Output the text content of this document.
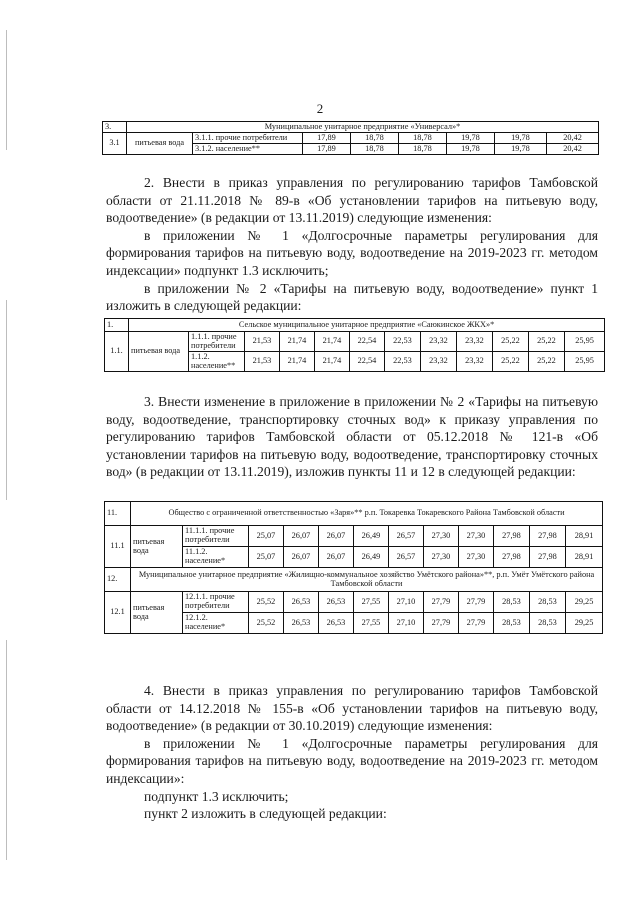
2
3.	Муниципальное унитарное предприятие «Универсал»*							
3.1	питьевая вода	3.1.1. прочие потребители	17,89	18,78	18,78	19,78	19,78	20,42
		3.1.2. население**	17,89	18,78	18,78	19,78	19,78	20,42

2. Внести в приказ управления по регулированию тарифов Тамбовской области от 21.11.2018 № 89-в «Об установлении тарифов на питьевую воду, водоотведение» (в редакции от 13.11.2019) следующие изменения:

в приложении № 1 «Долгосрочные параметры регулирования для формирования тарифов на питьевую воду, водоотведение на 2019-2023 гг. методом индексации» подпункт 1.3 исключить;

в приложении № 2 «Тарифы на питьевую воду, водоотведение» пункт 1 изложить в следующей редакции:

1.	Сельское муниципальное унитарное предприятие «Саюкинское ЖКХ»*											
1.1.	питьевая вода	1.1.1. прочие потребители	21,53	21,74	21,74	22,54	22,53	23,32	23,32	25,22	25,22	25,95
		1.1.2. население**	21,53	21,74	21,74	22,54	22,53	23,32	23,32	25,22	25,22	25,95

3. Внести изменение в приложение в приложении № 2 «Тарифы на питьевую воду, водоотведение, транспортировку сточных вод» к приказу управления по регулированию тарифов Тамбовской области от 05.12.2018 № 121-в «Об установлении тарифов на питьевую воду, водоотведение, транспортировку сточных вод» (в редакции от 13.11.2019), изложив пункты 11 и 12 в следующей редакции:

11.	Общество с ограниченной ответственностью «Заря»** р.п. Токаревка Токаревского Района Тамбовской области											
11.1	питьевая вода	11.1.1. прочие потребители	25,07	26,07	26,07	26,49	26,57	27,30	27,30	27,98	27,98	28,91
		11.1.2. население*	25,07	26,07	26,07	26,49	26,57	27,30	27,30	27,98	27,98	28,91
12.	Муниципальное унитарное предприятие «Жилищно-коммунальное хозяйство Умётского района»**, р.п. Умёт Умётского района Тамбовской области											
12.1	питьевая вода	12.1.1. прочие потребители	25,52	26,53	26,53	27,55	27,10	27,79	27,79	28,53	28,53	29,25
		12.1.2. население*	25,52	26,53	26,53	27,55	27,10	27,79	27,79	28,53	28,53	29,25

4. Внести в приказ управления по регулированию тарифов Тамбовской области от 14.12.2018 № 155-в «Об установлении тарифов на питьевую воду, водоотведение» (в редакции от 30.10.2019) следующие изменения:

в приложении № 1 «Долгосрочные параметры регулирования для формирования тарифов на питьевую воду, водоотведение на 2019-2023 гг. методом индексации»:

подпункт 1.3 исключить;

пункт 2 изложить в следующей редакции:
